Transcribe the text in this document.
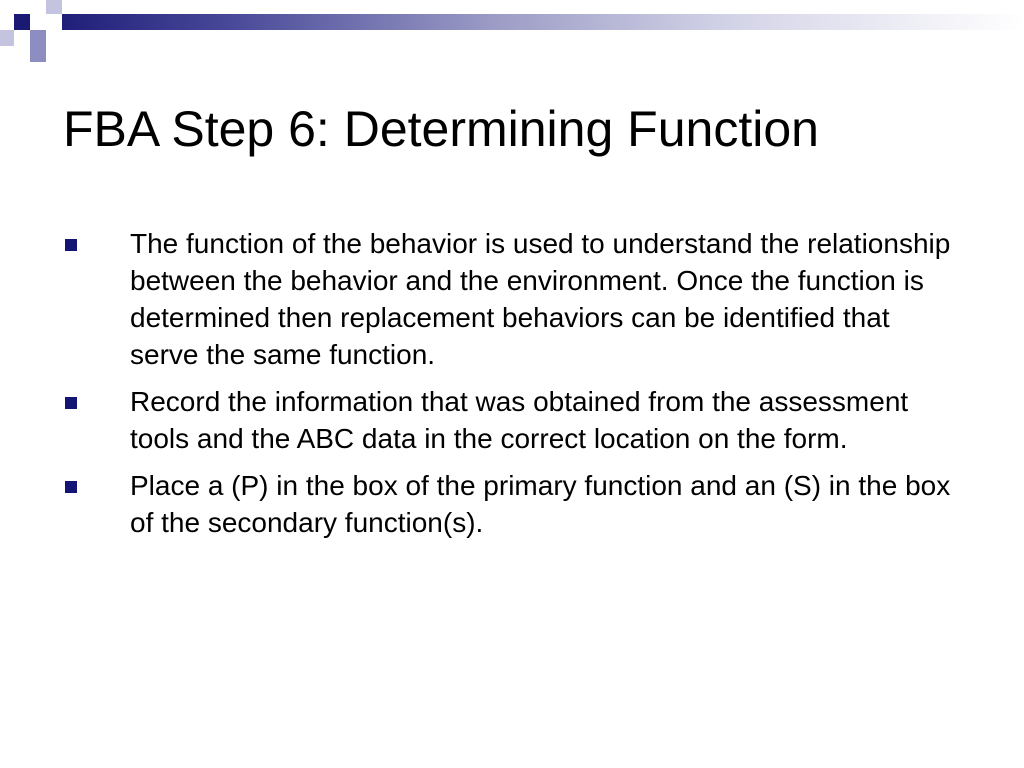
FBA Step 6: Determining Function
The function of the behavior is used to understand the relationship between the behavior and the environment. Once the function is determined then replacement behaviors can be identified that serve the same function.
Record the information that was obtained from the assessment tools and the ABC data in the correct location on the form.
Place a (P) in the box of the primary function and an (S) in the box of the secondary function(s).
